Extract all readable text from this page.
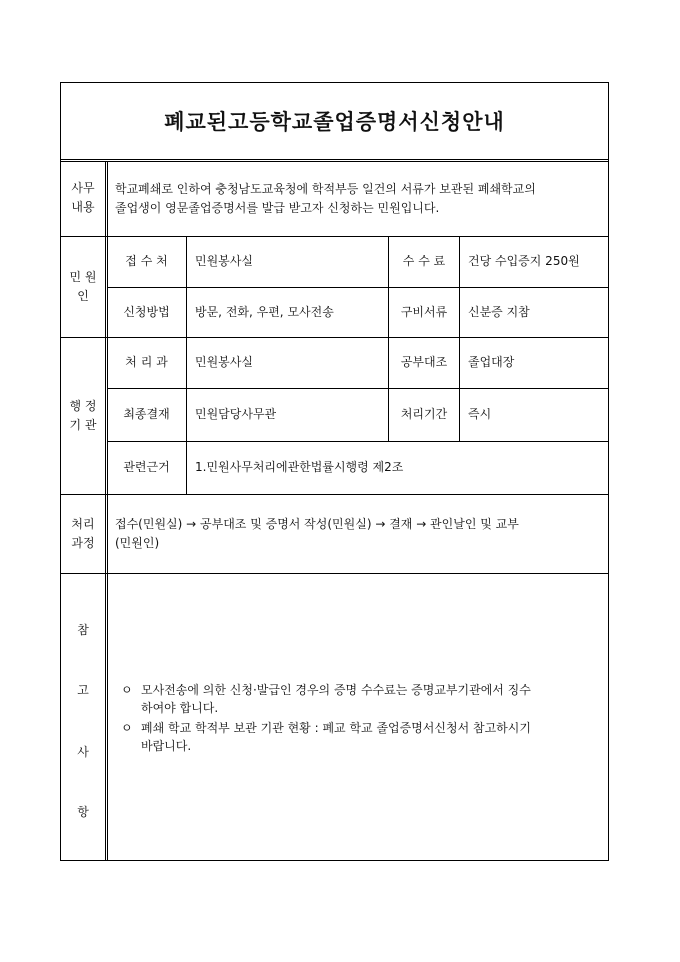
폐교된고등학교졸업증명서신청안내
사무
내용
학교폐쇄로 인하여 충청남도교육청에 학적부등 일건의 서류가 보관된 폐쇄학교의
졸업생이 영문졸업증명서를 발급 받고자 신청하는 민원입니다.
민 원
인
접 수 처	민원봉사실	수 수 료	건당 수입증지 250원
신청방법	방문, 전화, 우편, 모사전송	구비서류	신분증 지참
행 정
기 관
처 리 과	민원봉사실	공부대조	졸업대장
최종결재	민원담당사무관	처리기간	즉시
관련근거	1.민원사무처리에관한법률시행령 제2조
처리
과정
접수(민원실) → 공부대조 및 증명서 작성(민원실) → 결재 → 관인날인 및 교부
(민원인)
참
고
사
항
ㅇ 모사전송에 의한 신청·발급인 경우의 증명 수수료는 증명교부기관에서 징수
하여야 합니다.
ㅇ 폐쇄 학교 학적부 보관 기관 현황 : 폐교 학교 졸업증명서신청서 참고하시기
바랍니다.
